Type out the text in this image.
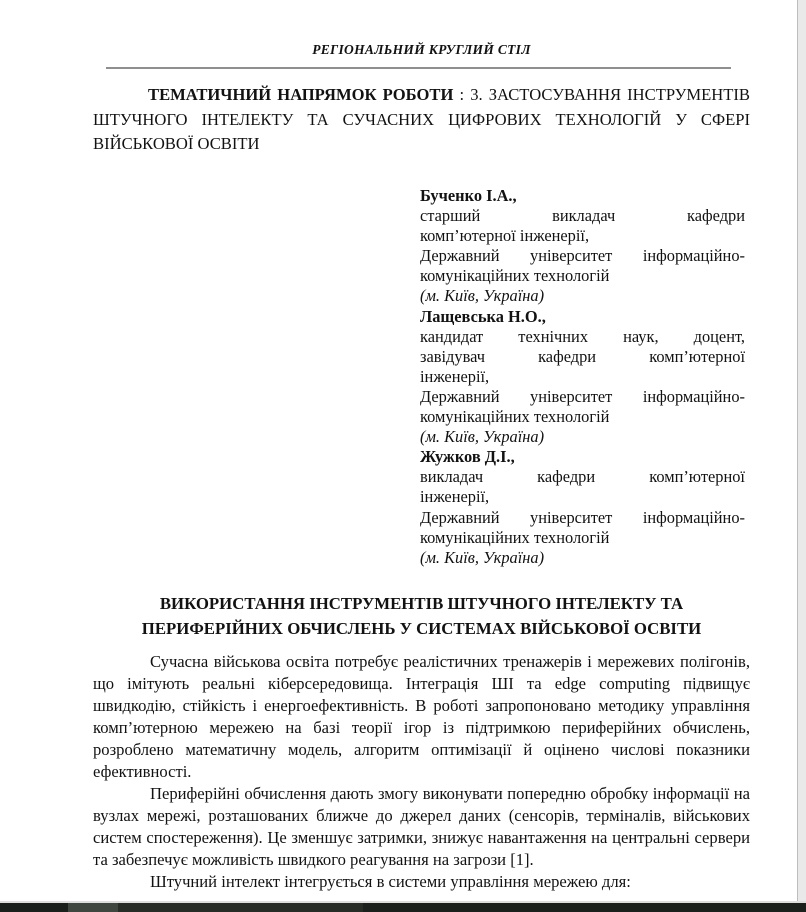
РЕГІОНАЛЬНИЙ КРУГЛИЙ СТІЛ
ТЕМАТИЧНИЙ НАПРЯМОК РОБОТИ : 3. ЗАСТОСУВАННЯ ІНСТРУМЕНТІВ ШТУЧНОГО ІНТЕЛЕКТУ ТА СУЧАСНИХ ЦИФРОВИХ ТЕХНОЛОГІЙ У СФЕРІ ВІЙСЬКОВОЇ ОСВІТИ
Бученко І.А.,
старший викладач кафедри
комп’ютерної інженерії,
Державний університет інформаційно-
комунікаційних технологій
(м. Київ, Україна)
Лащевська Н.О.,
кандидат технічних наук, доцент,
завідувач кафедри комп’ютерної
інженерії,
Державний університет інформаційно-
комунікаційних технологій
(м. Київ, Україна)
Жужков Д.І.,
викладач кафедри комп’ютерної
інженерії,
Державний університет інформаційно-
комунікаційних технологій
(м. Київ, Україна)
ВИКОРИСТАННЯ ІНСТРУМЕНТІВ ШТУЧНОГО ІНТЕЛЕКТУ ТА ПЕРИФЕРІЙНИХ ОБЧИСЛЕНЬ У СИСТЕМАХ ВІЙСЬКОВОЇ ОСВІТИ

Сучасна військова освіта потребує реалістичних тренажерів і мережевих полігонів, що імітують реальні кіберсередовища. Інтеграція ШІ та edge computing підвищує швидкодію, стійкість і енергоефективність. В роботі запропоновано методику управління комп’ютерною мережею на базі теорії ігор із підтримкою периферійних обчислень, розроблено математичну модель, алгоритм оптимізації й оцінено числові показники ефективності.

Периферійні обчислення дають змогу виконувати попередню обробку інформації на вузлах мережі, розташованих ближче до джерел даних (сенсорів, терміналів, військових систем спостереження). Це зменшує затримки, знижує навантаження на центральні сервери та забезпечує можливість швидкого реагування на загрози [1].

Штучний інтелект інтегрується в системи управління мережею для:
